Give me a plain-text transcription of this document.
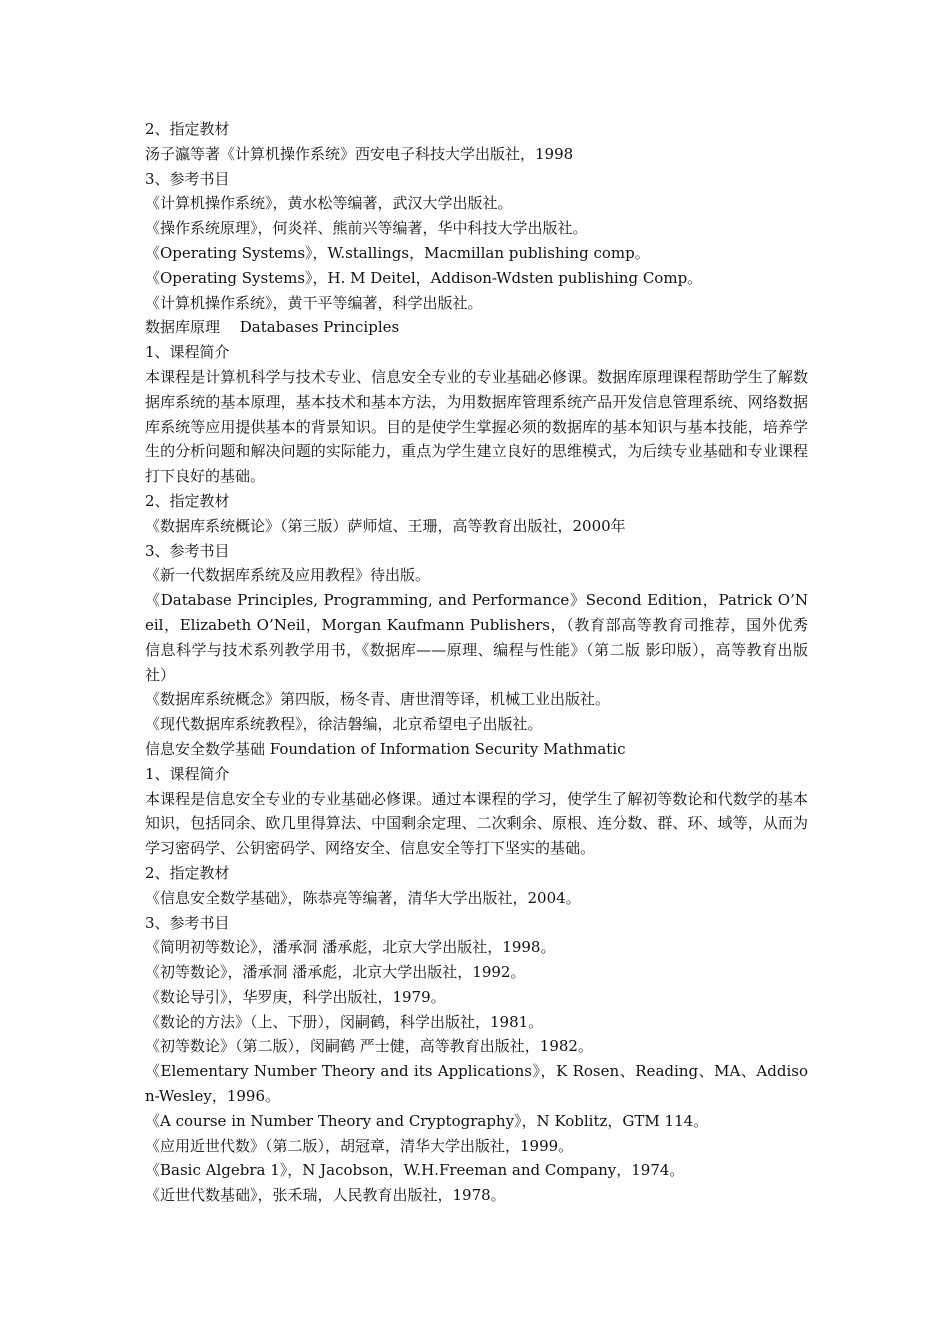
2、指定教材
汤子瀛等著《计算机操作系统》西安电子科技大学出版社，1998
3、参考书目
《计算机操作系统》，黄水松等编著，武汉大学出版社。
《操作系统原理》，何炎祥、熊前兴等编著，华中科技大学出版社。
《Operating Systems》，W.stallings，Macmillan publishing comp。
《Operating Systems》，H. M Deitel，Addison-Wdsten publishing Comp。
《计算机操作系统》，黄干平等编著，科学出版社。
数据库原理　 Databases Principles
1、课程简介
本课程是计算机科学与技术专业、信息安全专业的专业基础必修课。数据库原理课程帮助学生了解数据库系统的基本原理，基本技术和基本方法，为用数据库管理系统产品开发信息管理系统、网络数据库系统等应用提供基本的背景知识。目的是使学生掌握必须的数据库的基本知识与基本技能，培养学生的分析问题和解决问题的实际能力，重点为学生建立良好的思维模式，为后续专业基础和专业课程打下良好的基础。
2、指定教材
《数据库系统概论》（第三版）萨师煊、王珊，高等教育出版社，2000年
3、参考书目
《新一代数据库系统及应用教程》待出版。
《Database Principles, Programming, and Performance》Second Edition，Patrick O’Neil，Elizabeth O’Neil，Morgan Kaufmann Publishers，（教育部高等教育司推荐，国外优秀信息科学与技术系列教学用书，《数据库——原理、编程与性能》（第二版 影印版），高等教育出版社）
《数据库系统概念》第四版，杨冬青、唐世渭等译，机械工业出版社。
《现代数据库系统教程》，徐洁磐编，北京希望电子出版社。
信息安全数学基础 Foundation of Information Security Mathmatic
1、课程简介
本课程是信息安全专业的专业基础必修课。通过本课程的学习，使学生了解初等数论和代数学的基本知识，包括同余、欧几里得算法、中国剩余定理、二次剩余、原根、连分数、群、环、域等，从而为学习密码学、公钥密码学、网络安全、信息安全等打下坚实的基础。
2、指定教材
《信息安全数学基础》，陈恭亮等编著，清华大学出版社，2004。
3、参考书目
《简明初等数论》，潘承洞 潘承彪，北京大学出版社，1998。
《初等数论》，潘承洞 潘承彪，北京大学出版社，1992。
《数论导引》，华罗庚，科学出版社，1979。
《数论的方法》（上、下册），闵嗣鹤，科学出版社，1981。
《初等数论》（第二版），闵嗣鹤 严士健，高等教育出版社，1982。
《Elementary Number Theory and its Applications》，K Rosen、Reading、MA、Addison-Wesley，1996。
《A course in Number Theory and Cryptography》，N Koblitz，GTM 114。
《应用近世代数》（第二版），胡冠章，清华大学出版社，1999。
《Basic Algebra 1》，N Jacobson，W.H.Freeman and Company，1974。
《近世代数基础》，张禾瑞，人民教育出版社，1978。
